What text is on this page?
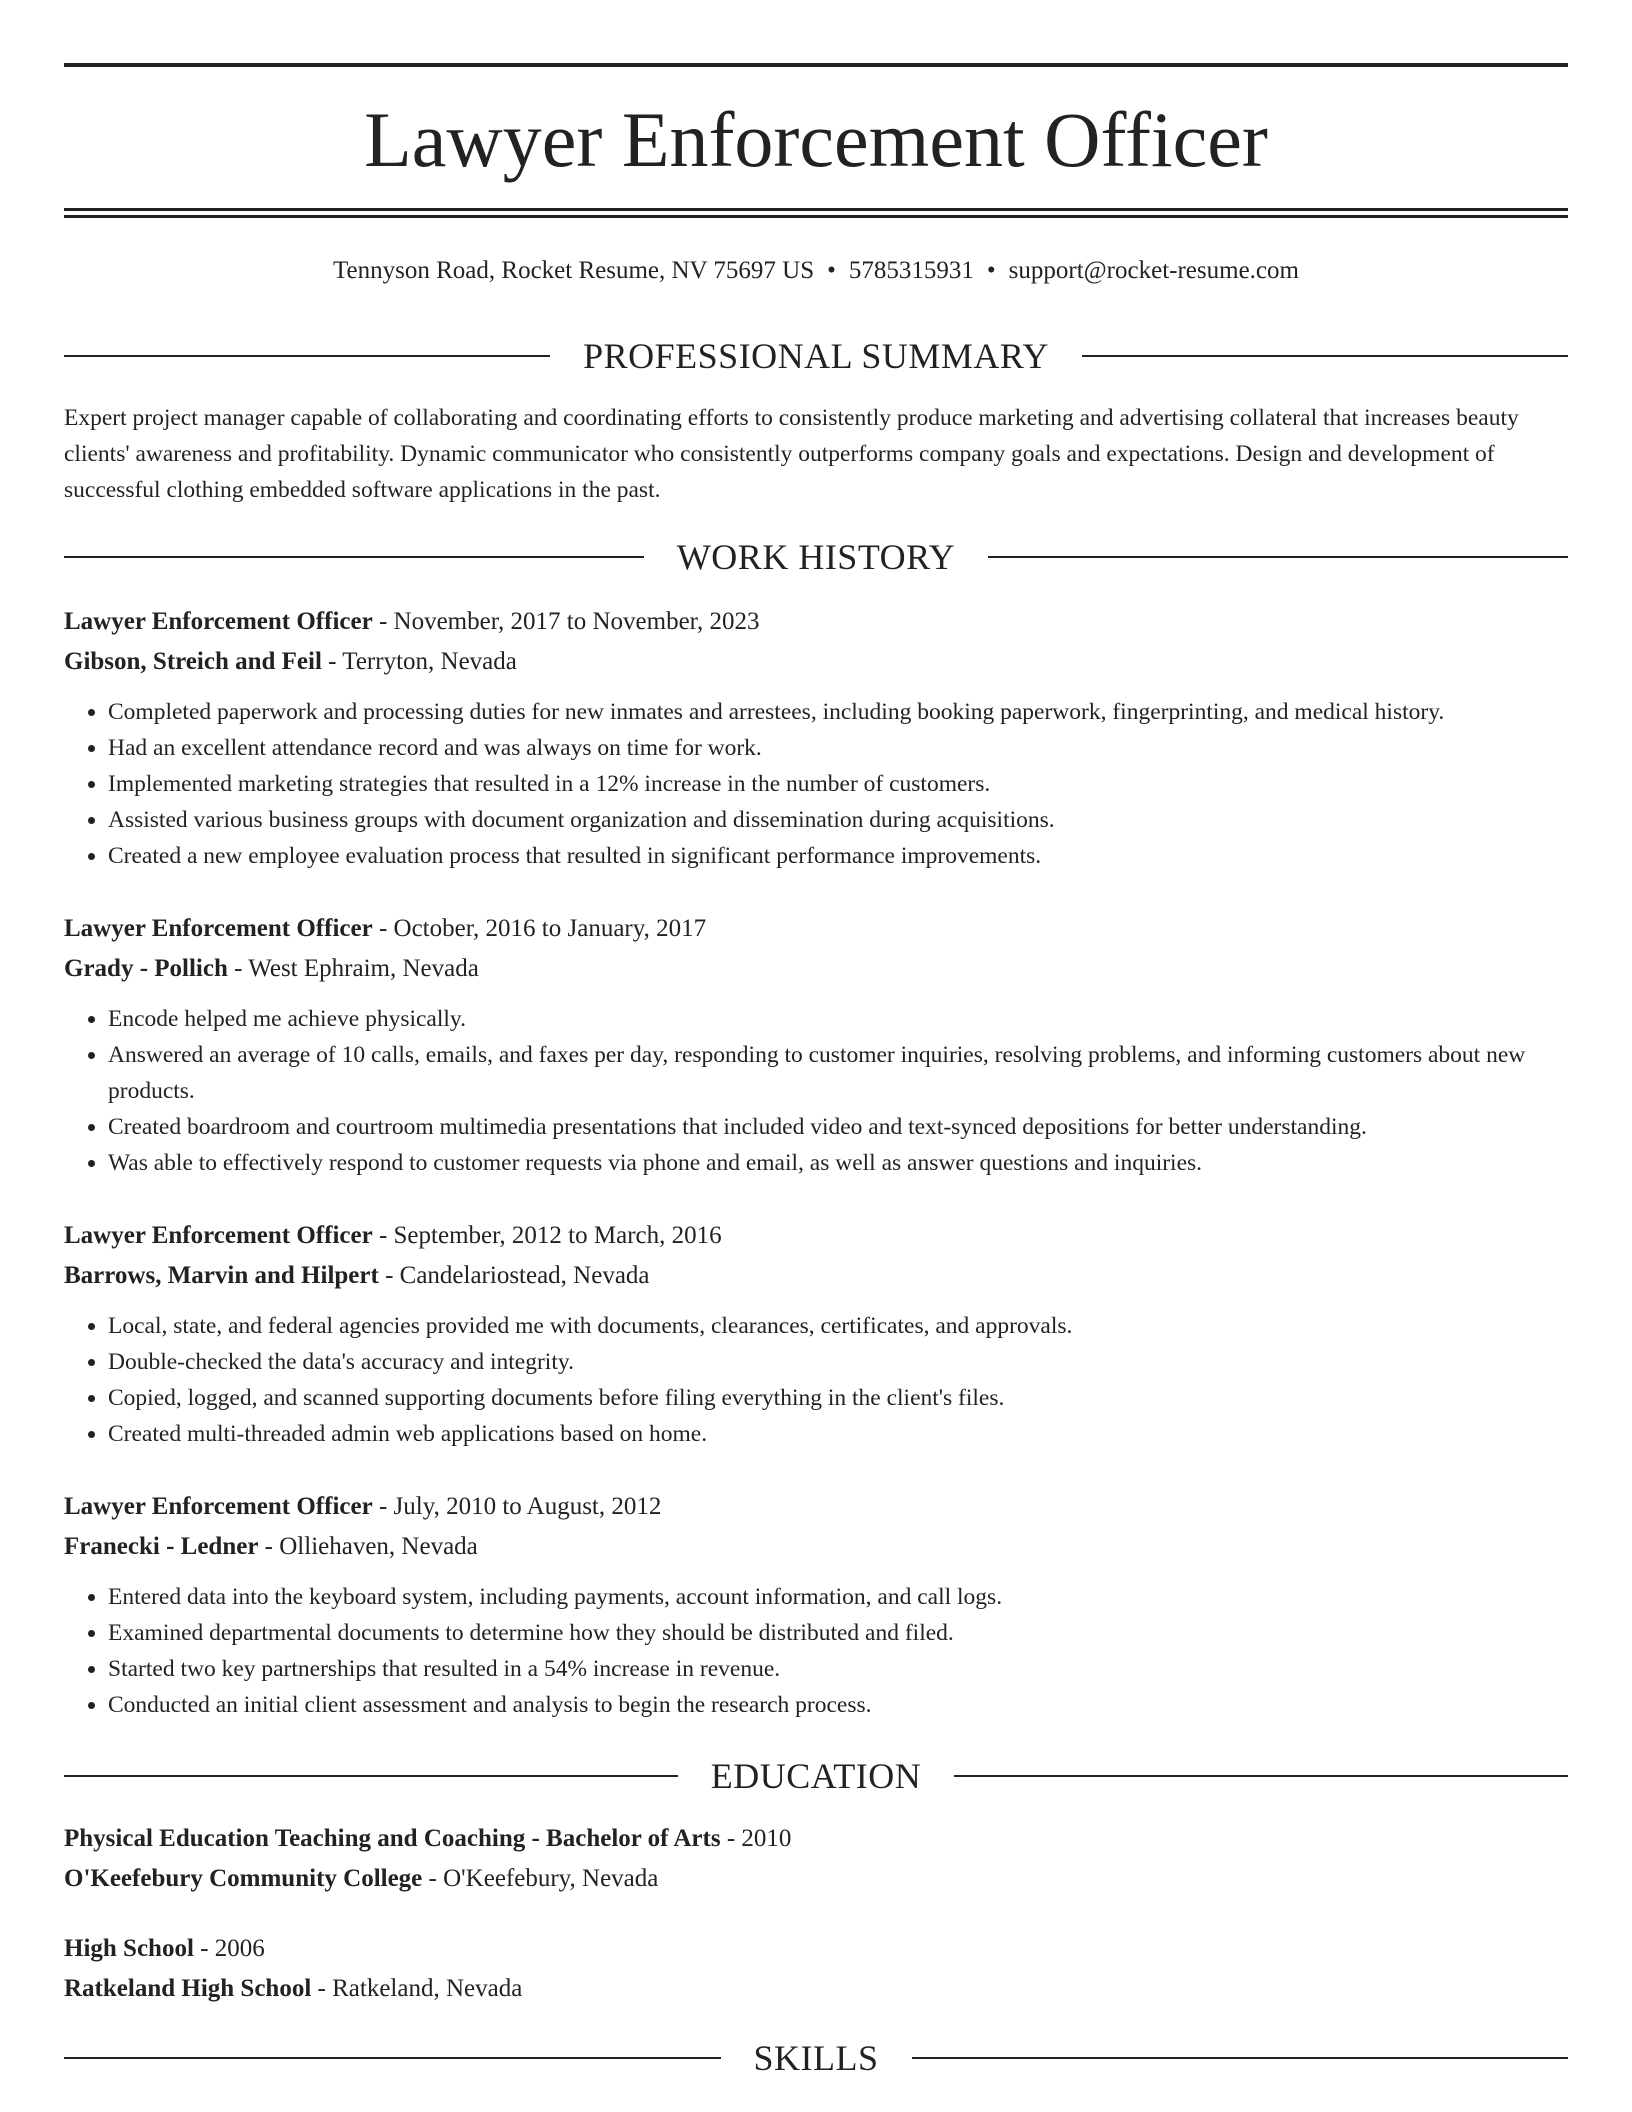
Lawyer Enforcement Officer
Tennyson Road, Rocket Resume, NV 75697 US • 5785315931 • support@rocket-resume.com
PROFESSIONAL SUMMARY
Expert project manager capable of collaborating and coordinating efforts to consistently produce marketing and advertising collateral that increases beauty clients' awareness and profitability. Dynamic communicator who consistently outperforms company goals and expectations. Design and development of successful clothing embedded software applications in the past.
WORK HISTORY
Lawyer Enforcement Officer - November, 2017 to November, 2023
Gibson, Streich and Feil - Terryton, Nevada
• Completed paperwork and processing duties for new inmates and arrestees, including booking paperwork, fingerprinting, and medical history.
• Had an excellent attendance record and was always on time for work.
• Implemented marketing strategies that resulted in a 12% increase in the number of customers.
• Assisted various business groups with document organization and dissemination during acquisitions.
• Created a new employee evaluation process that resulted in significant performance improvements.
Lawyer Enforcement Officer - October, 2016 to January, 2017
Grady - Pollich - West Ephraim, Nevada
• Encode helped me achieve physically.
• Answered an average of 10 calls, emails, and faxes per day, responding to customer inquiries, resolving problems, and informing customers about new products.
• Created boardroom and courtroom multimedia presentations that included video and text-synced depositions for better understanding.
• Was able to effectively respond to customer requests via phone and email, as well as answer questions and inquiries.
Lawyer Enforcement Officer - September, 2012 to March, 2016
Barrows, Marvin and Hilpert - Candelariostead, Nevada
• Local, state, and federal agencies provided me with documents, clearances, certificates, and approvals.
• Double-checked the data's accuracy and integrity.
• Copied, logged, and scanned supporting documents before filing everything in the client's files.
• Created multi-threaded admin web applications based on home.
Lawyer Enforcement Officer - July, 2010 to August, 2012
Franecki - Ledner - Olliehaven, Nevada
• Entered data into the keyboard system, including payments, account information, and call logs.
• Examined departmental documents to determine how they should be distributed and filed.
• Started two key partnerships that resulted in a 54% increase in revenue.
• Conducted an initial client assessment and analysis to begin the research process.
EDUCATION
Physical Education Teaching and Coaching - Bachelor of Arts - 2010
O'Keefebury Community College - O'Keefebury, Nevada
High School - 2006
Ratkeland High School - Ratkeland, Nevada
SKILLS
